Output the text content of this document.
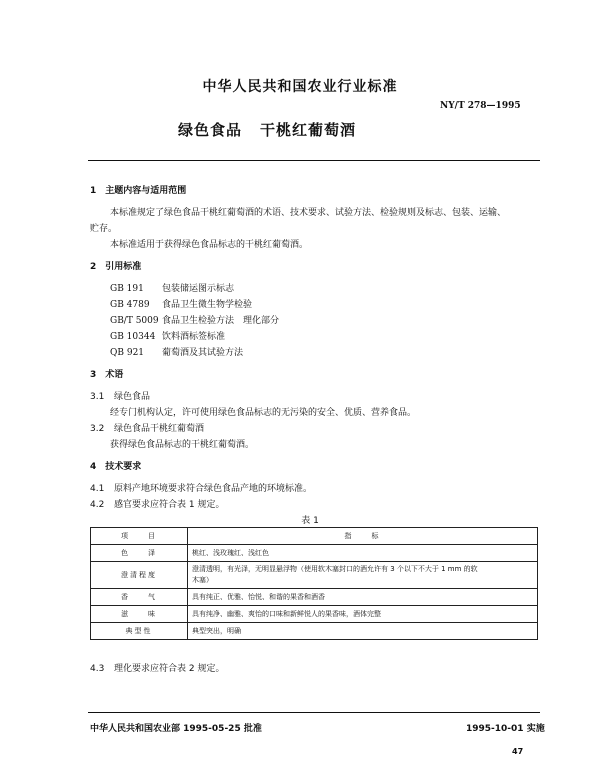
中华人民共和国农业行业标准
NY/T 278—1995
绿色食品 干桃红葡萄酒
1　主题内容与适用范围
本标准规定了绿色食品干桃红葡萄酒的术语、技术要求、试验方法、检验规则及标志、包装、运输、
贮存。
本标准适用于获得绿色食品标志的干桃红葡萄酒。
2　引用标准
GB 191 包装储运图示标志
GB 4789 食品卫生微生物学检验
GB/T 5009 食品卫生检验方法　理化部分
GB 10344 饮料酒标签标准
QB 921 葡萄酒及其试验方法
3　术语
3.1 绿色食品
经专门机构认定，许可使用绿色食品标志的无污染的安全、优质、营养食品。
3.2 绿色食品干桃红葡萄酒
获得绿色食品标志的干桃红葡萄酒。
4　技术要求
4.1 原料产地环境要求符合绿色食品产地的环境标准。
4.2 感官要求应符合表 1 规定。
表 1
项　　目	指　　标
色　　泽	桃红、浅玫瑰红、浅红色
澄清程度	澄清透明，有光泽，无明显悬浮物（使用软木塞封口的酒允许有 3 个以下不大于 1 mm 的软
木塞）

香　　气	具有纯正、优雅、怡悦、和谐的果香和酒香
滋　　味	具有纯净、幽雅、爽怡的口味和新鲜悦人的果香味，酒体完整
典型性	典型突出，明确
4.3 理化要求应符合表 2 规定。
中华人民共和国农业部 1995-05-25 批准	1995-10-01 实施
47
